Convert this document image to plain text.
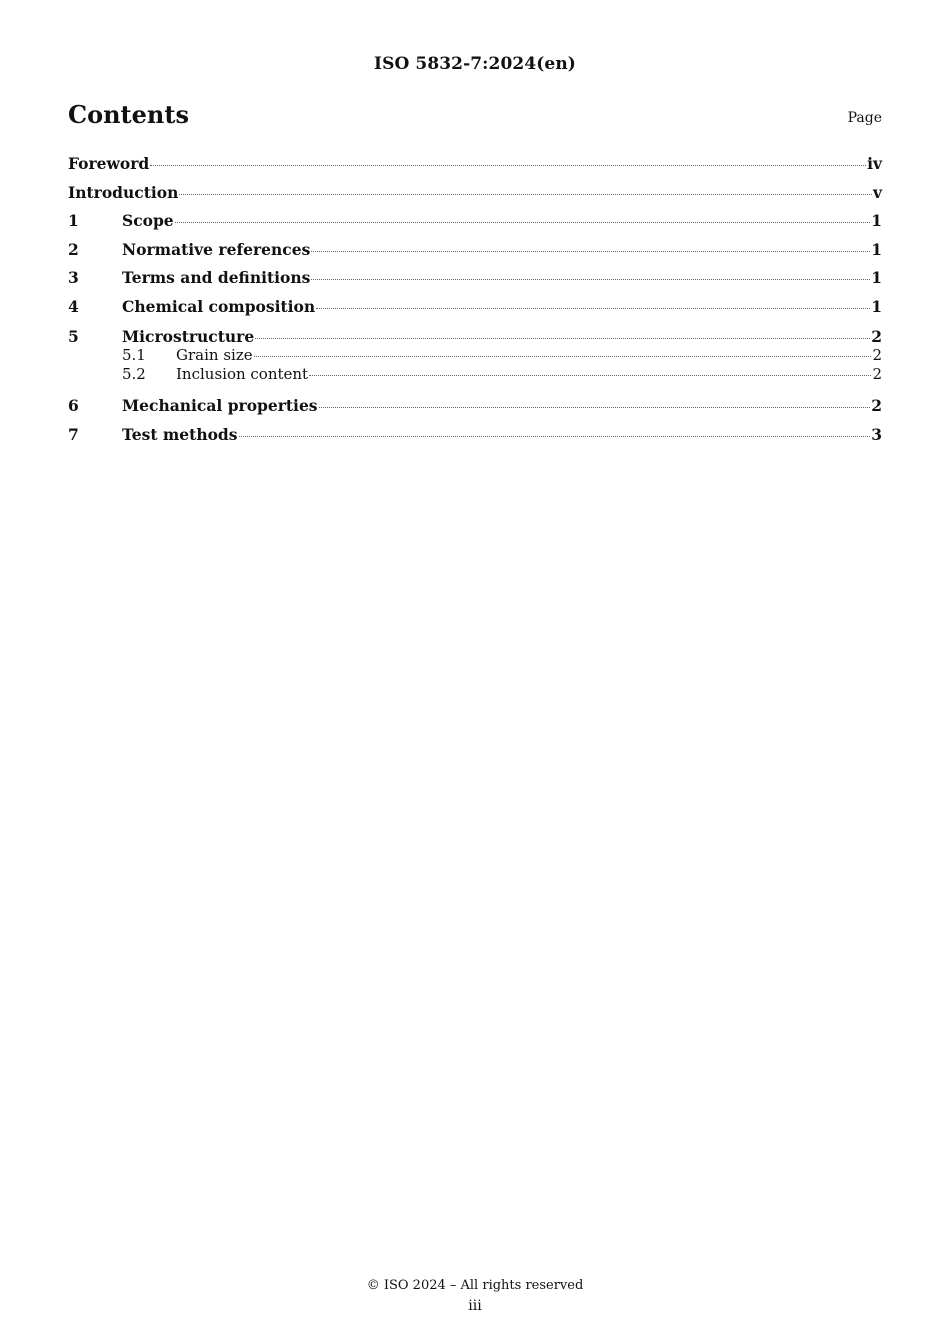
ISO 5832-7:2024(en)
Contents	Page
Foreword	iv
Introduction	v
1	Scope	1
2	Normative references	1
3	Terms and definitions	1
4	Chemical composition	1
5	Microstructure	2
5.1	Grain size	2
5.2	Inclusion content	2
6	Mechanical properties	2
7	Test methods	3
© ISO 2024 – All rights reserved
iii
